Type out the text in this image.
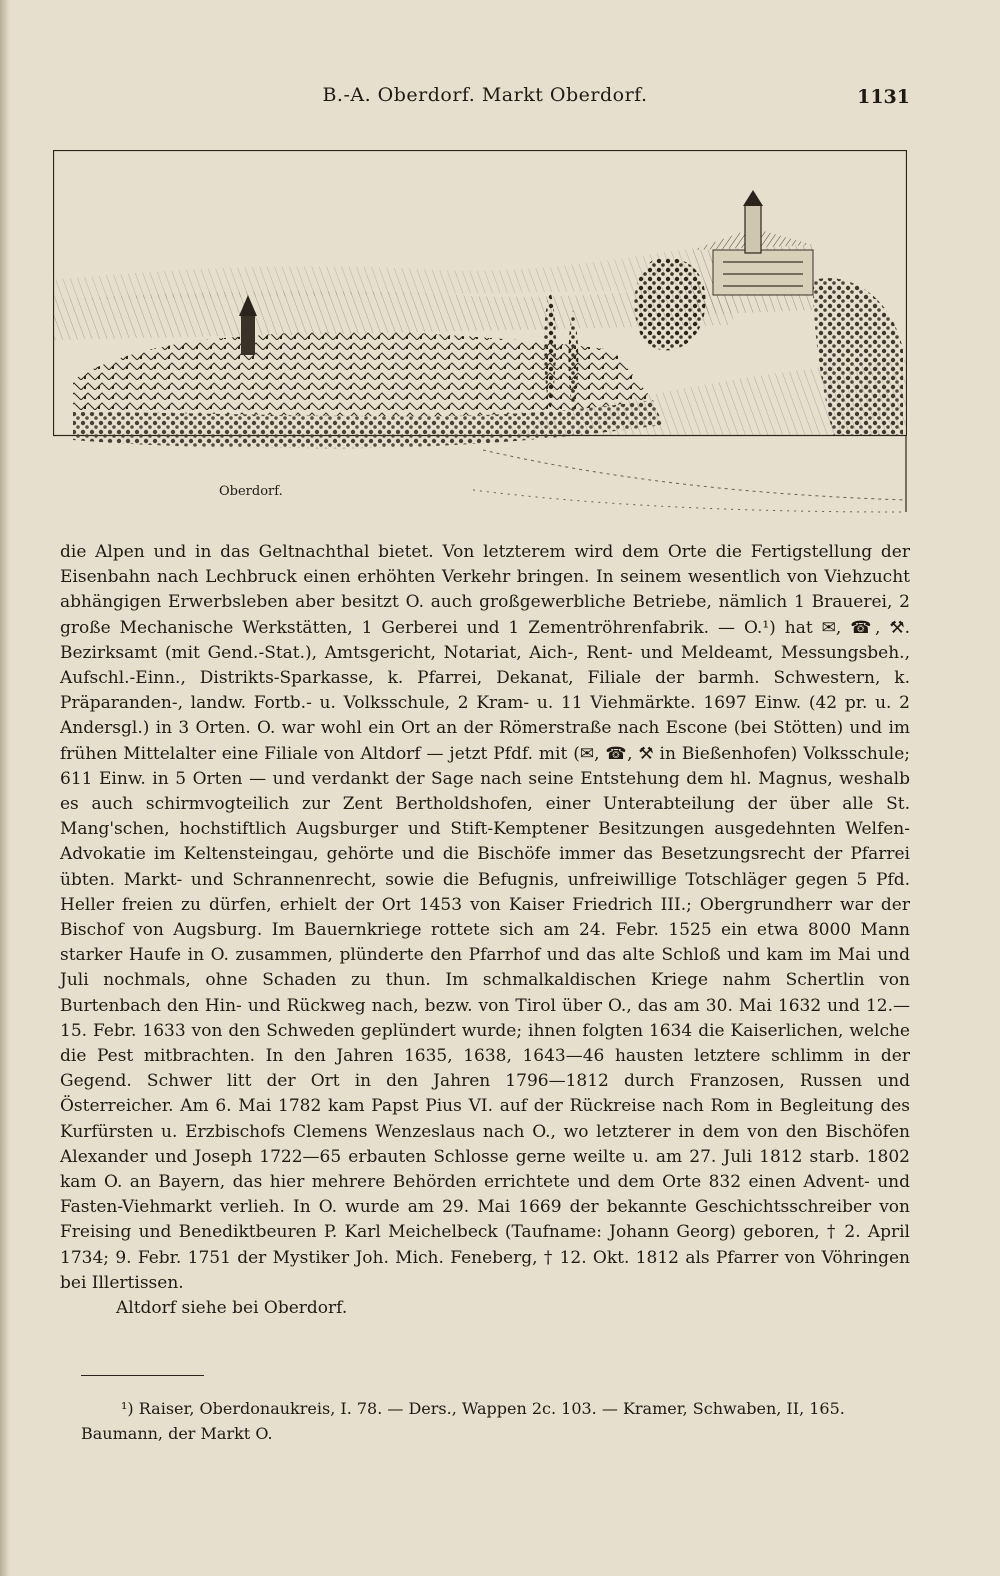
B.-A. Oberdorf. Markt Oberdorf.	1131
Oberdorf.

die Alpen und in das Geltnachthal bietet. Von letzterem wird dem Orte die Fertigstellung der Eisenbahn nach Lechbruck einen erhöhten Verkehr bringen. In seinem wesentlich von Viehzucht abhängigen Erwerbsleben aber besitzt O. auch großgewerbliche Betriebe, nämlich 1 Brauerei, 2 große Mechanische Werkstätten, 1 Gerberei und 1 Zementröhrenfabrik. — O.¹) hat ✉, ☎, ⚒. Bezirksamt (mit Gend.-Stat.), Amtsgericht, Notariat, Aich-, Rent- und Meldeamt, Messungsbeh., Aufschl.-Einn., Distrikts-Sparkasse, k. Pfarrei, Dekanat, Filiale der barmh. Schwestern, k. Präparanden-, landw. Fortb.- u. Volksschule, 2 Kram- u. 11 Viehmärkte. 1697 Einw. (42 pr. u. 2 Andersgl.) in 3 Orten. O. war wohl ein Ort an der Römerstraße nach Escone (bei Stötten) und im frühen Mittelalter eine Filiale von Altdorf — jetzt Pfdf. mit (✉, ☎, ⚒ in Bießenhofen) Volksschule; 611 Einw. in 5 Orten — und verdankt der Sage nach seine Entstehung dem hl. Magnus, weshalb es auch schirmvogteilich zur Zent Bertholdshofen, einer Unterabteilung der über alle St. Mang'schen, hochstiftlich Augsburger und Stift-Kemptener Besitzungen ausgedehnten Welfen-Advokatie im Keltensteingau, gehörte und die Bischöfe immer das Besetzungsrecht der Pfarrei übten. Markt- und Schrannenrecht, sowie die Befugnis, unfreiwillige Totschläger gegen 5 Pfd. Heller freien zu dürfen, erhielt der Ort 1453 von Kaiser Friedrich III.; Obergrundherr war der Bischof von Augsburg. Im Bauernkriege rottete sich am 24. Febr. 1525 ein etwa 8000 Mann starker Haufe in O. zusammen, plünderte den Pfarrhof und das alte Schloß und kam im Mai und Juli nochmals, ohne Schaden zu thun. Im schmalkaldischen Kriege nahm Schertlin von Burtenbach den Hin- und Rückweg nach, bezw. von Tirol über O., das am 30. Mai 1632 und 12.—15. Febr. 1633 von den Schweden geplündert wurde; ihnen folgten 1634 die Kaiserlichen, welche die Pest mitbrachten. In den Jahren 1635, 1638, 1643—46 hausten letztere schlimm in der Gegend. Schwer litt der Ort in den Jahren 1796—1812 durch Franzosen, Russen und Österreicher. Am 6. Mai 1782 kam Papst Pius VI. auf der Rückreise nach Rom in Begleitung des Kurfürsten u. Erzbischofs Clemens Wenzeslaus nach O., wo letzterer in dem von den Bischöfen Alexander und Joseph 1722—65 erbauten Schlosse gerne weilte u. am 27. Juli 1812 starb. 1802 kam O. an Bayern, das hier mehrere Behörden errichtete und dem Orte 832 einen Advent- und Fasten-Viehmarkt verlieh. In O. wurde am 29. Mai 1669 der bekannte Geschichtsschreiber von Freising und Benediktbeuren P. Karl Meichelbeck (Taufname: Johann Georg) geboren, † 2. April 1734; 9. Febr. 1751 der Mystiker Joh. Mich. Feneberg, † 12. Okt. 1812 als Pfarrer von Vöhringen bei Illertissen.

Altdorf siehe bei Oberdorf.

¹) Raiser, Oberdonaukreis, I. 78. — Ders., Wappen 2c. 103. — Kramer, Schwaben, II, 165. Baumann, der Markt O.
